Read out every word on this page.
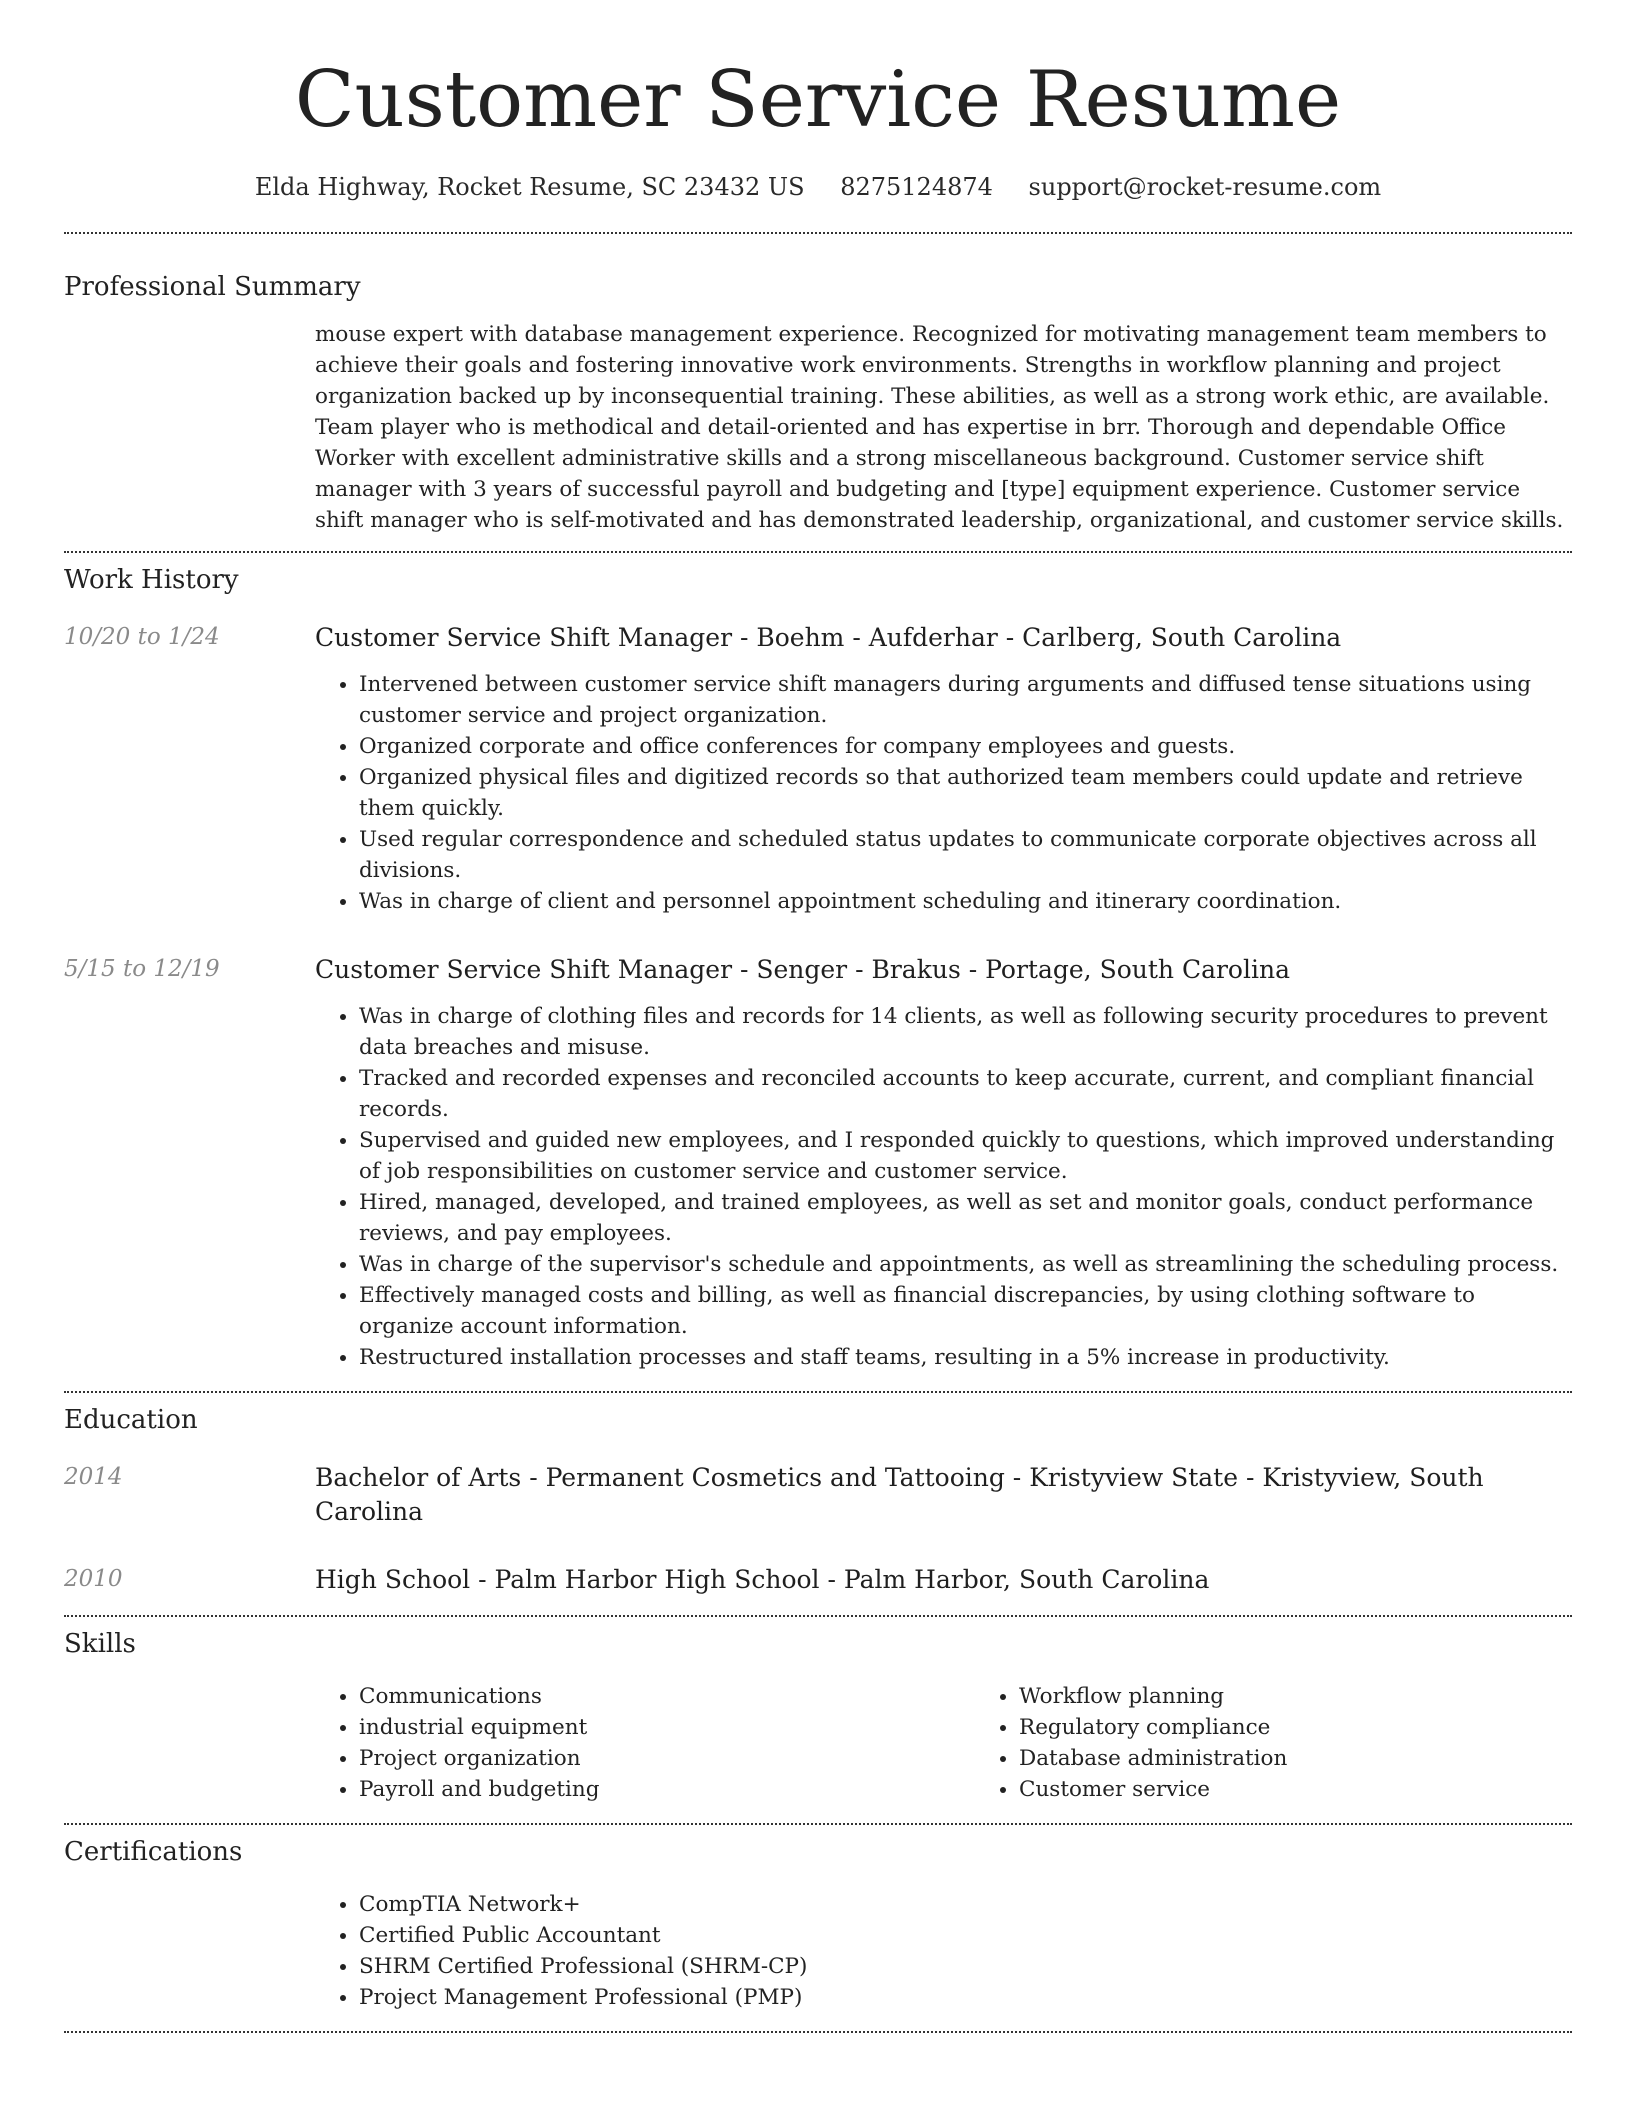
Customer Service Resume
Elda Highway, Rocket Resume, SC 23432 US 8275124874 support@rocket-resume.com
Professional Summary
mouse expert with database management experience. Recognized for motivating management team members to achieve their goals and fostering innovative work environments. Strengths in workflow planning and project organization backed up by inconsequential training. These abilities, as well as a strong work ethic, are available. Team player who is methodical and detail-oriented and has expertise in brr. Thorough and dependable Office Worker with excellent administrative skills and a strong miscellaneous background. Customer service shift manager with 3 years of successful payroll and budgeting and [type] equipment experience. Customer service shift manager who is self-motivated and has demonstrated leadership, organizational, and customer service skills.
Work History
10/20 to 1/24	Customer Service Shift Manager - Boehm - Aufderhar - Carlberg, South Carolina
• Intervened between customer service shift managers during arguments and diffused tense situations using customer service and project organization.
• Organized corporate and office conferences for company employees and guests.
• Organized physical files and digitized records so that authorized team members could update and retrieve them quickly.
• Used regular correspondence and scheduled status updates to communicate corporate objectives across all divisions.
• Was in charge of client and personnel appointment scheduling and itinerary coordination.
5/15 to 12/19	Customer Service Shift Manager - Senger - Brakus - Portage, South Carolina
• Was in charge of clothing files and records for 14 clients, as well as following security procedures to prevent data breaches and misuse.
• Tracked and recorded expenses and reconciled accounts to keep accurate, current, and compliant financial records.
• Supervised and guided new employees, and I responded quickly to questions, which improved understanding of job responsibilities on customer service and customer service.
• Hired, managed, developed, and trained employees, as well as set and monitor goals, conduct performance reviews, and pay employees.
• Was in charge of the supervisor's schedule and appointments, as well as streamlining the scheduling process.
• Effectively managed costs and billing, as well as financial discrepancies, by using clothing software to organize account information.
• Restructured installation processes and staff teams, resulting in a 5% increase in productivity.
Education
2014	Bachelor of Arts - Permanent Cosmetics and Tattooing - Kristyview State - Kristyview, South Carolina
2010	High School - Palm Harbor High School - Palm Harbor, South Carolina
Skills
• Communications
• industrial equipment
• Project organization
• Payroll and budgeting
• Workflow planning
• Regulatory compliance
• Database administration
• Customer service
Certifications
• CompTIA Network+
• Certified Public Accountant
• SHRM Certified Professional (SHRM-CP)
• Project Management Professional (PMP)
